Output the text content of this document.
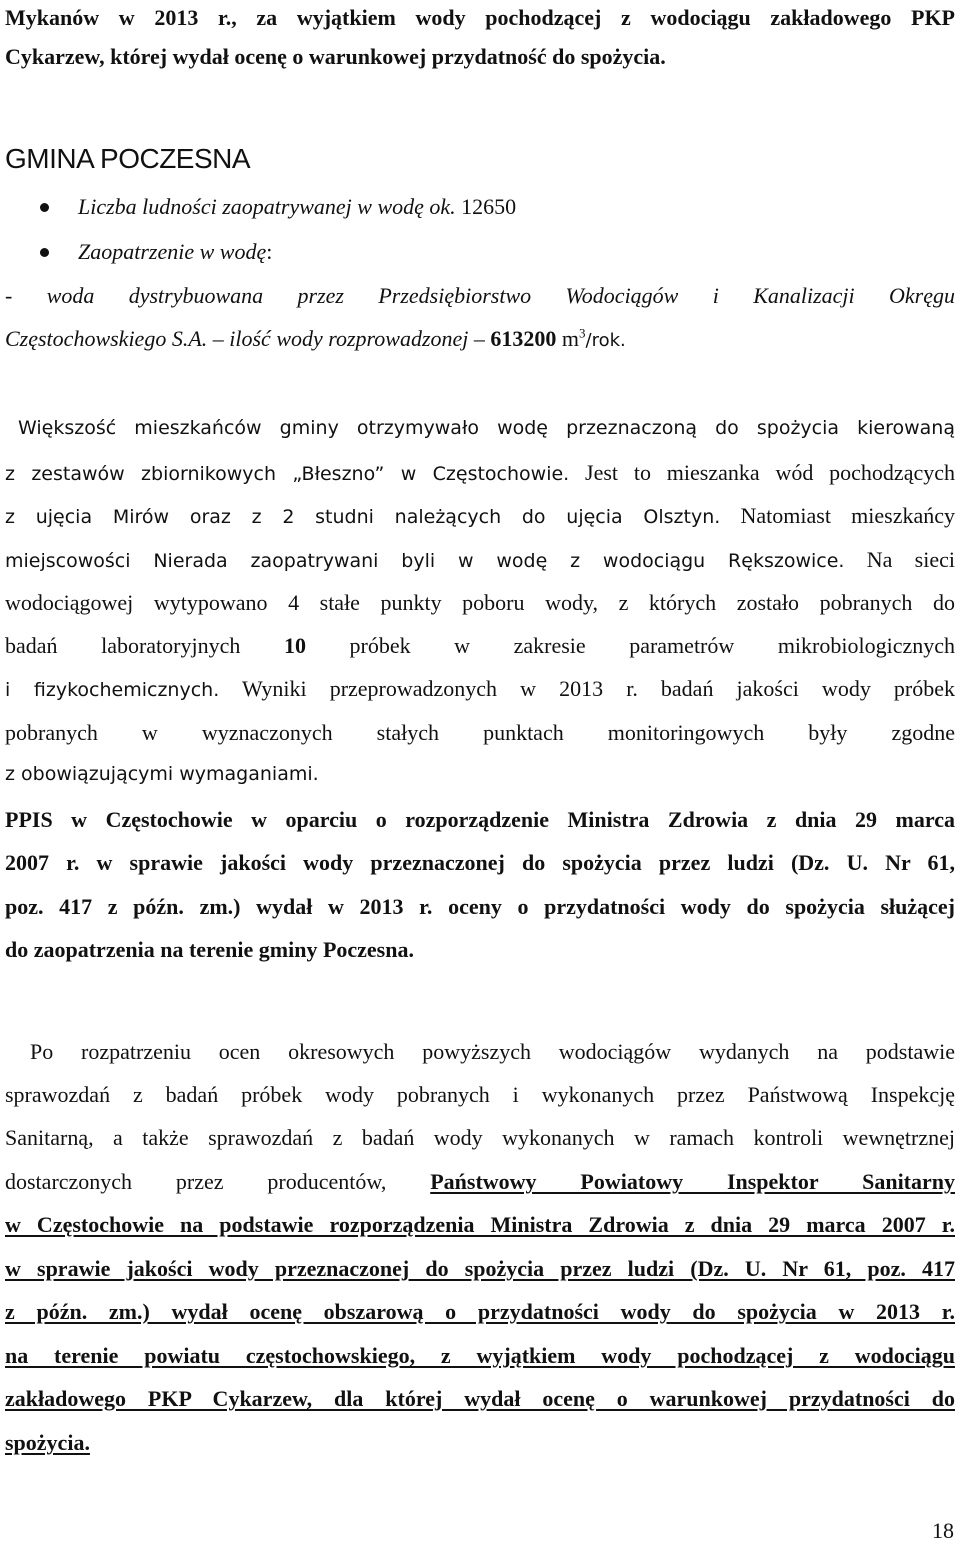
Mykanów w 2013 r., za wyjątkiem wody pochodzącej z wodociągu zakładowego PKP
Cykarzew, której wydał ocenę o warunkowej przydatność do spożycia.
GMINA POCZESNA
Liczba ludności zaopatrywanej w wodę ok. 12650
Zaopatrzenie w wodę:
- woda dystrybuowana przez Przedsiębiorstwo Wodociągów i Kanalizacji Okręgu
Częstochowskiego S.A. – ilość wody rozprowadzonej – 613200 $m^3$/rok.
Większość mieszkańców gminy otrzymywało wodę przeznaczoną do spożycia kierowaną
z zestawów zbiornikowych „Błeszno” w Częstochowie. Jest to mieszanka wód pochodzących
z ujęcia Mirów oraz z 2 studni należących do ujęcia Olsztyn. Natomiast mieszkańcy
miejscowości Nierada zaopatrywani byli w wodę z wodociągu Rększowice. Na sieci
wodociągowej wytypowano 4 stałe punkty poboru wody, z których zostało pobranych do
badań laboratoryjnych 10 próbek w zakresie parametrów mikrobiologicznych
i fizykochemicznych. Wyniki przeprowadzonych w 2013 r. badań jakości wody próbek
pobranych w wyznaczonych stałych punktach monitoringowych były zgodne
z obowiązującymi wymaganiami.
PPIS w Częstochowie w oparciu o rozporządzenie Ministra Zdrowia z dnia 29 marca
2007 r. w sprawie jakości wody przeznaczonej do spożycia przez ludzi (Dz. U. Nr 61,
poz. 417 z późn. zm.) wydał w 2013 r. oceny o przydatności wody do spożycia służącej
do zaopatrzenia na terenie gminy Poczesna.
Po rozpatrzeniu ocen okresowych powyższych wodociągów wydanych na podstawie
sprawozdań z badań próbek wody pobranych i wykonanych przez Państwową Inspekcję
Sanitarną, a także sprawozdań z badań wody wykonanych w ramach kontroli wewnętrznej
dostarczonych przez producentów, Państwowy Powiatowy Inspektor Sanitarny
w Częstochowie na podstawie rozporządzenia Ministra Zdrowia z dnia 29 marca 2007 r.
w sprawie jakości wody przeznaczonej do spożycia przez ludzi (Dz. U. Nr 61, poz. 417
z późn. zm.) wydał ocenę obszarową o przydatności wody do spożycia w 2013 r.
na terenie powiatu częstochowskiego, z wyjątkiem wody pochodzącej z wodociągu
zakładowego PKP Cykarzew, dla której wydał ocenę o warunkowej przydatności do
spożycia.
18
